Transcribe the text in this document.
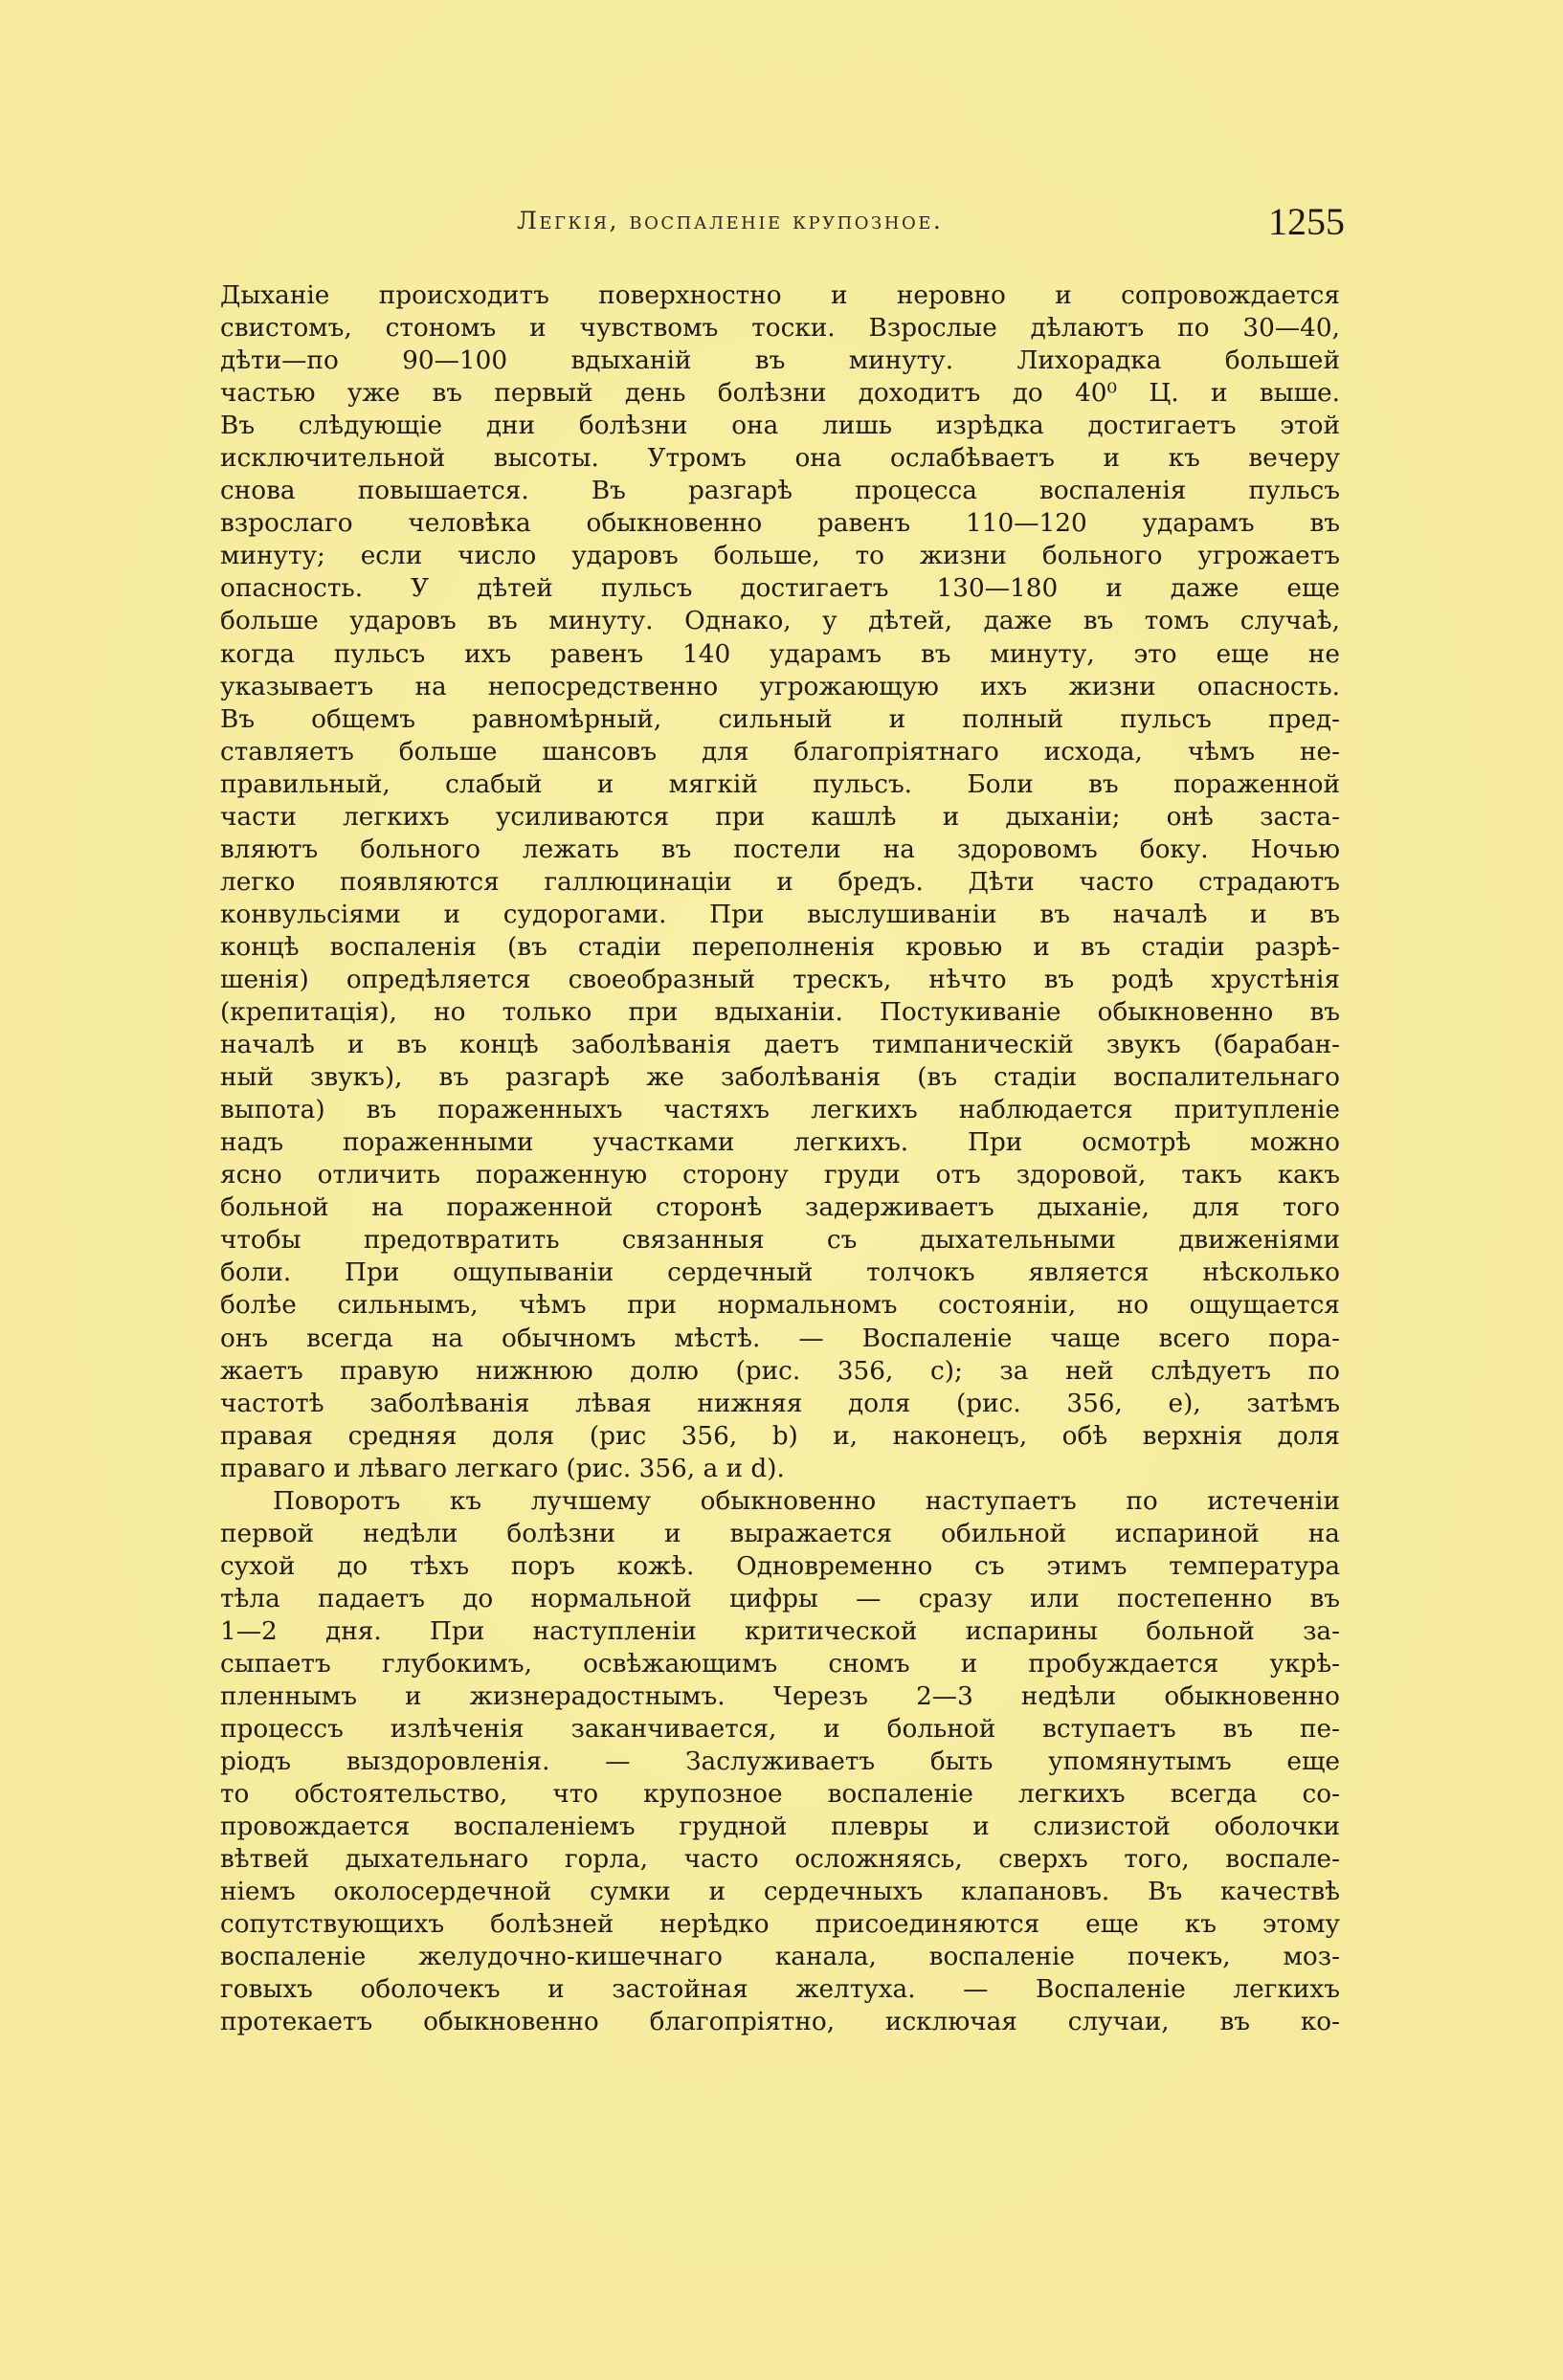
Легкія, воспаленіе крупозное.	1255
Дыханіе происходитъ поверхностно и неровно и сопровождается
свистомъ, стономъ и чувствомъ тоски. Взрослые дѣлаютъ по 30—40,
дѣти—по 90—100 вдыханій въ минуту. Лихорадка большей
частью уже въ первый день болѣзни доходитъ до 40⁰ Ц. и выше.
Въ слѣдующіе дни болѣзни она лишь изрѣдка достигаетъ этой
исключительной высоты. Утромъ она ослабѣваетъ и къ вечеру
снова повышается. Въ разгарѣ процесса воспаленія пульсъ
взрослаго человѣка обыкновенно равенъ 110—120 ударамъ въ
минуту; если число ударовъ больше, то жизни больного угрожаетъ
опасность. У дѣтей пульсъ достигаетъ 130—180 и даже еще
больше ударовъ въ минуту. Однако, у дѣтей, даже въ томъ случаѣ,
когда пульсъ ихъ равенъ 140 ударамъ въ минуту, это еще не
указываетъ на непосредственно угрожающую ихъ жизни опасность.
Въ общемъ равномѣрный, сильный и полный пульсъ пред-
ставляетъ больше шансовъ для благопріятнаго исхода, чѣмъ не-
правильный, слабый и мягкій пульсъ. Боли въ пораженной
части легкихъ усиливаются при кашлѣ и дыханіи; онѣ заста-
вляютъ больного лежать въ постели на здоровомъ боку. Ночью
легко появляются галлюцинаціи и бредъ. Дѣти часто страдаютъ
конвульсіями и судорогами. При выслушиваніи въ началѣ и въ
концѣ воспаленія (въ стадіи переполненія кровью и въ стадіи разрѣ-
шенія) опредѣляется своеобразный трескъ, нѣчто въ родѣ хрустѣнія
(крепитація), но только при вдыханіи. Постукиваніе обыкновенно въ
началѣ и въ концѣ заболѣванія даетъ тимпаническій звукъ (барабан-
ный звукъ), въ разгарѣ же заболѣванія (въ стадіи воспалительнаго
выпота) въ пораженныхъ частяхъ легкихъ наблюдается притупленіе
надъ пораженными участками легкихъ. При осмотрѣ можно
ясно отличить пораженную сторону груди отъ здоровой, такъ какъ
больной на пораженной сторонѣ задерживаетъ дыханіе, для того
чтобы предотвратить связанныя съ дыхательными движеніями
боли. При ощупываніи сердечный толчокъ является нѣсколько
болѣе сильнымъ, чѣмъ при нормальномъ состояніи, но ощущается
онъ всегда на обычномъ мѣстѣ. — Воспаленіе чаще всего пора-
жаетъ правую нижнюю долю (рис. 356, c); за ней слѣдуетъ по
частотѣ заболѣванія лѣвая нижняя доля (рис. 356, e), затѣмъ
правая средняя доля (рис 356, b) и, наконецъ, обѣ верхнія доля
праваго и лѣваго легкаго (рис. 356, a и d).
Поворотъ къ лучшему обыкновенно наступаетъ по истеченіи
первой недѣли болѣзни и выражается обильной испариной на
сухой до тѣхъ поръ кожѣ. Одновременно съ этимъ температура
тѣла падаетъ до нормальной цифры — сразу или постепенно въ
1—2 дня. При наступленіи критической испарины больной за-
сыпаетъ глубокимъ, освѣжающимъ сномъ и пробуждается укрѣ-
пленнымъ и жизнерадостнымъ. Черезъ 2—3 недѣли обыкновенно
процессъ излѣченія заканчивается, и больной вступаетъ въ пе-
ріодъ выздоровленія. — Заслуживаетъ быть упомянутымъ еще
то обстоятельство, что крупозное воспаленіе легкихъ всегда со-
провождается воспаленіемъ грудной плевры и слизистой оболочки
вѣтвей дыхательнаго горла, часто осложняясь, сверхъ того, воспале-
ніемъ околосердечной сумки и сердечныхъ клапановъ. Въ качествѣ
сопутствующихъ болѣзней нерѣдко присоединяются еще къ этому
воспаленіе желудочно-кишечнаго канала, воспаленіе почекъ, моз-
говыхъ оболочекъ и застойная желтуха. — Воспаленіе легкихъ
протекаетъ обыкновенно благопріятно, исключая случаи, въ ко-
